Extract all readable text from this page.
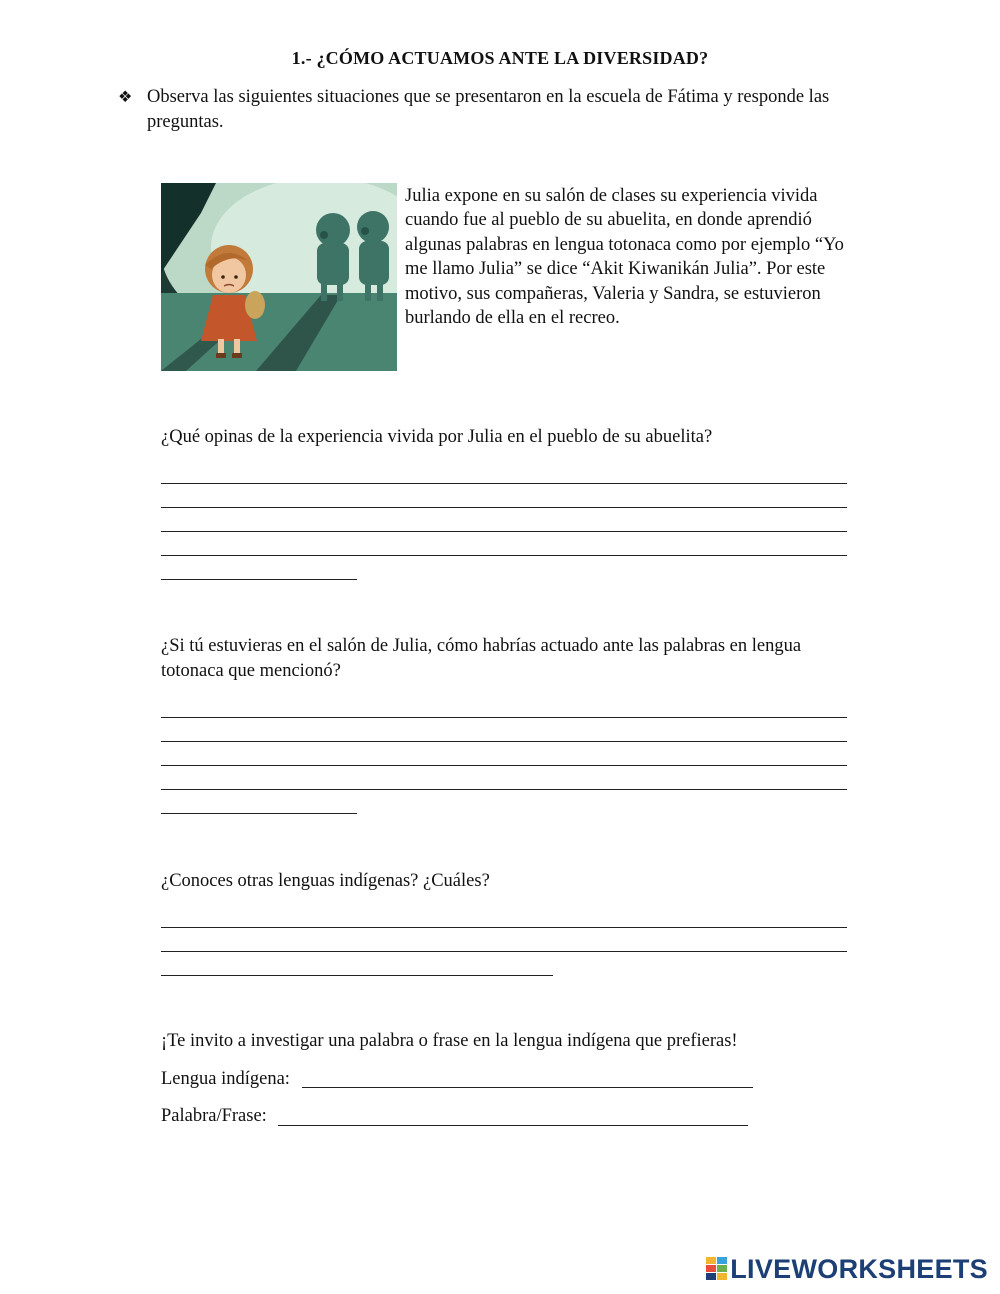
1.- ¿CÓMO ACTUAMOS ANTE LA DIVERSIDAD?
❖ Observa las siguientes situaciones que se presentaron en la escuela de Fátima y responde las preguntas.
Julia expone en su salón de clases su experiencia vivida cuando fue al pueblo de su abuelita, en donde aprendió algunas palabras en lengua totonaca como por ejemplo “Yo me llamo Julia” se dice “Akit Kiwanikán Julia”. Por este motivo, sus compañeras, Valeria y Sandra, se estuvieron burlando de ella en el recreo.
¿Qué opinas de la experiencia vivida por Julia en el pueblo de su abuelita?
¿Si tú estuvieras en el salón de Julia, cómo habrías actuado ante las palabras en lengua totonaca que mencionó?
¿Conoces otras lenguas indígenas? ¿Cuáles?
¡Te invito a investigar una palabra o frase en la lengua indígena que prefieras!
Lengua indígena:
Palabra/Frase:
LIVEWORKSHEETS
